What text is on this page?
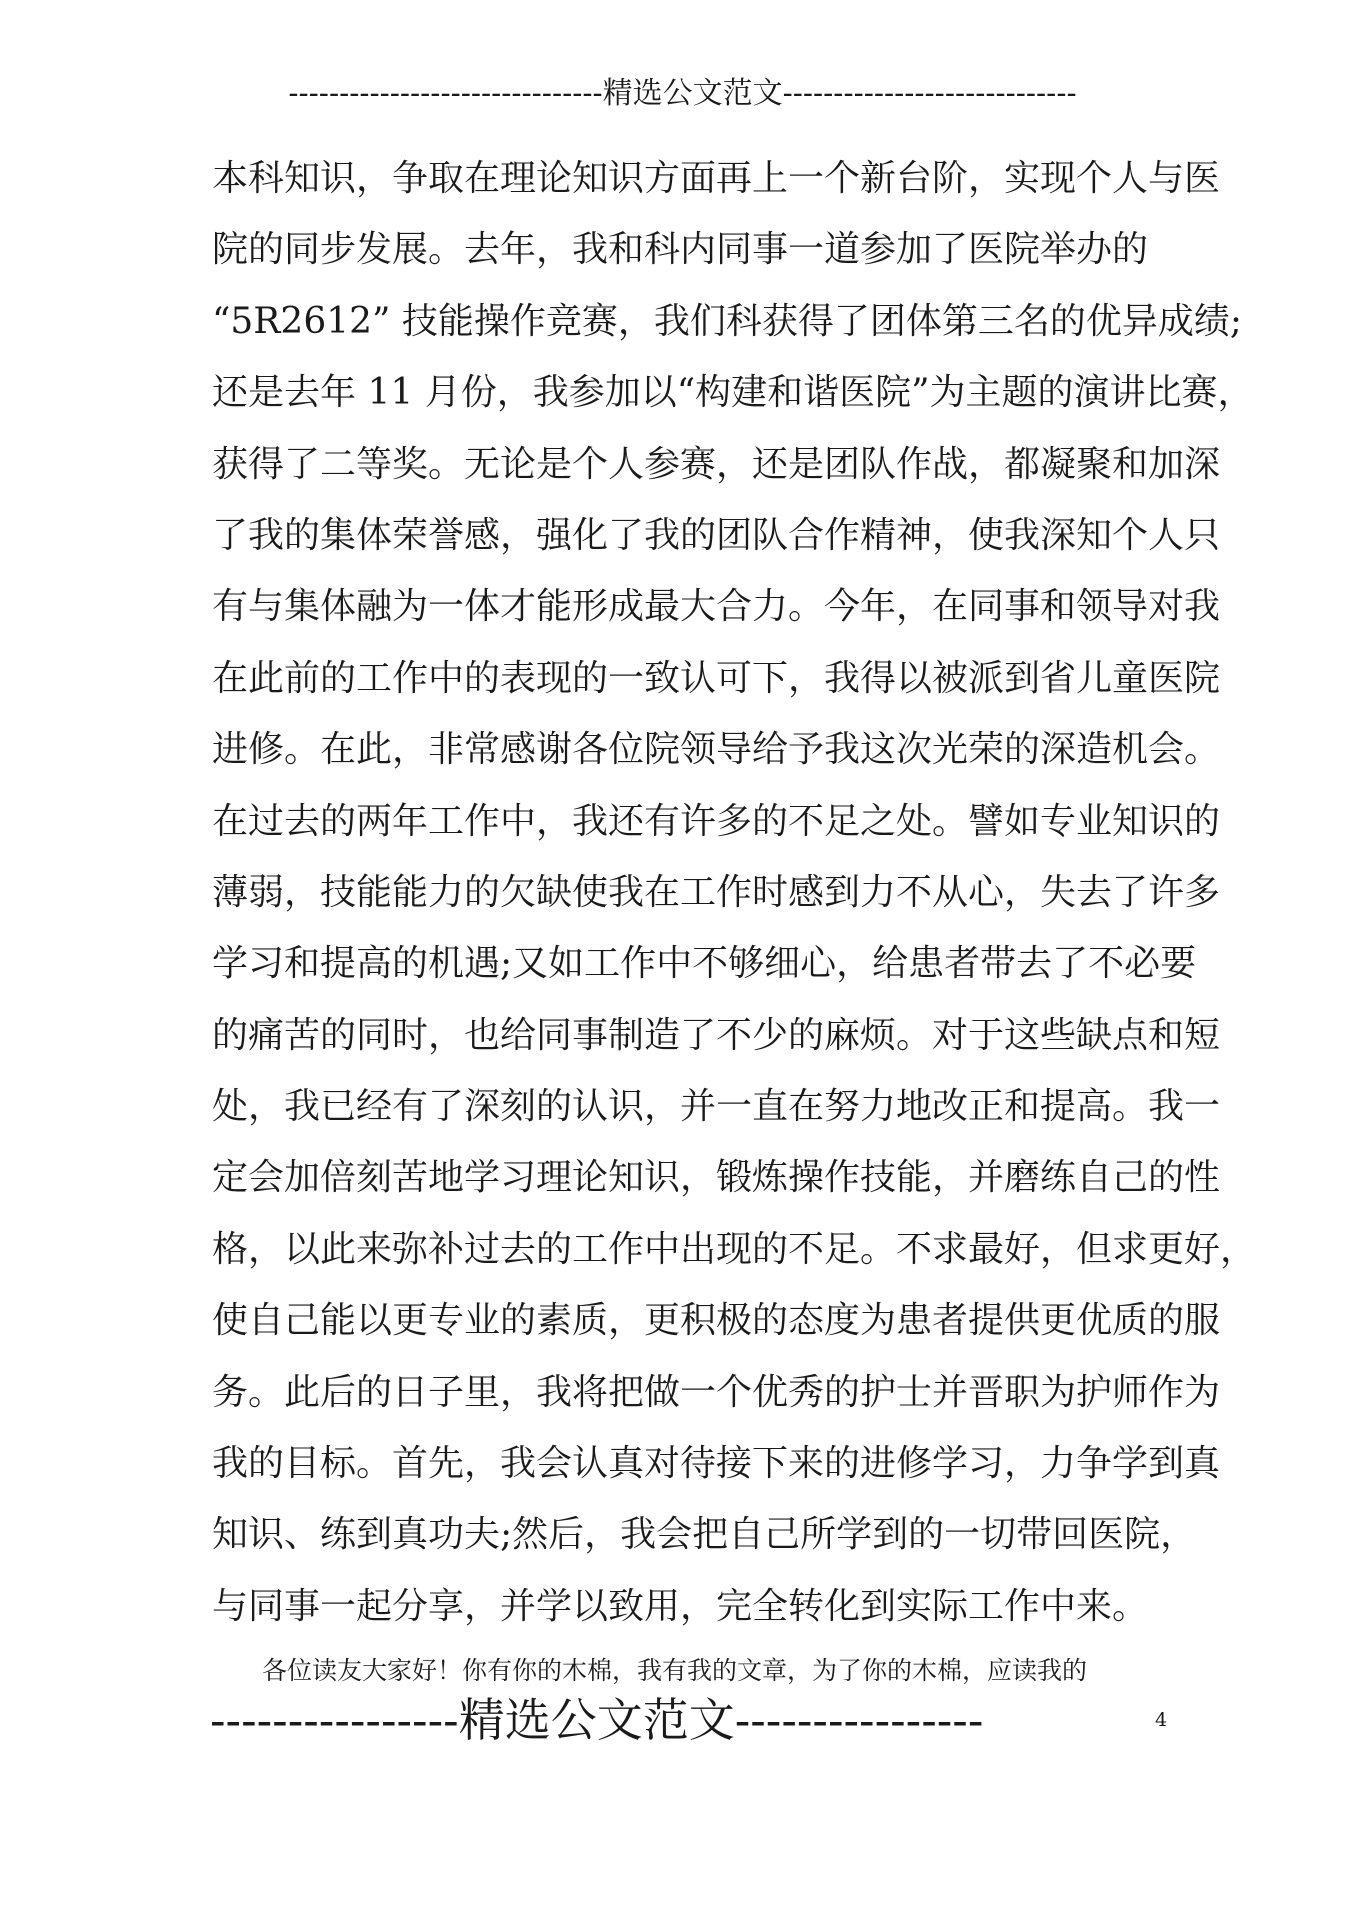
-------------------------------精选公文范文-----------------------------
本科知识，争取在理论知识方面再上一个新台阶，实现个人与医
院的同步发展。去年，我和科内同事一道参加了医院举办的
“5R2612” 技能操作竞赛，我们科获得了团体第三名的优异成绩;
还是去年 11 月份，我参加以“构建和谐医院”为主题的演讲比赛，
获得了二等奖。无论是个人参赛，还是团队作战，都凝聚和加深
了我的集体荣誉感，强化了我的团队合作精神，使我深知个人只
有与集体融为一体才能形成最大合力。今年，在同事和领导对我
在此前的工作中的表现的一致认可下，我得以被派到省儿童医院
进修。在此，非常感谢各位院领导给予我这次光荣的深造机会。
在过去的两年工作中，我还有许多的不足之处。譬如专业知识的
薄弱，技能能力的欠缺使我在工作时感到力不从心，失去了许多
学习和提高的机遇;又如工作中不够细心，给患者带去了不必要
的痛苦的同时，也给同事制造了不少的麻烦。对于这些缺点和短
处，我已经有了深刻的认识，并一直在努力地改正和提高。我一
定会加倍刻苦地学习理论知识，锻炼操作技能，并磨练自己的性
格，以此来弥补过去的工作中出现的不足。不求最好，但求更好，
使自己能以更专业的素质，更积极的态度为患者提供更优质的服
务。此后的日子里，我将把做一个优秀的护士并晋职为护师作为
我的目标。首先，我会认真对待接下来的进修学习，力争学到真
知识、练到真功夫;然后，我会把自己所学到的一切带回医院，
与同事一起分享，并学以致用，完全转化到实际工作中来。
各位读友大家好！你有你的木棉，我有我的文章，为了你的木棉，应读我的
----------------精选公文范文----------------	4
